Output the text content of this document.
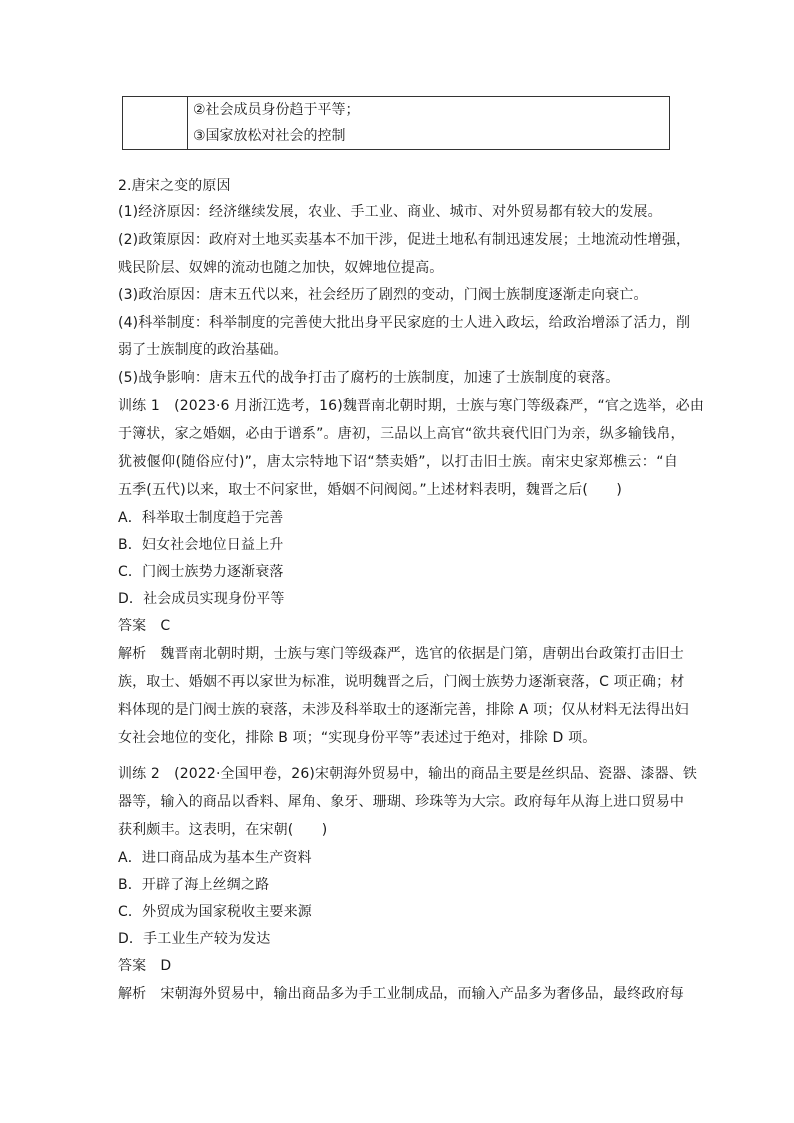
②社会成员身份趋于平等；
③国家放松对社会的控制
2.唐宋之变的原因
(1)经济原因：经济继续发展，农业、手工业、商业、城市、对外贸易都有较大的发展。
(2)政策原因：政府对土地买卖基本不加干涉，促进土地私有制迅速发展；土地流动性增强，
贱民阶层、奴婢的流动也随之加快，奴婢地位提高。
(3)政治原因：唐末五代以来，社会经历了剧烈的变动，门阀士族制度逐渐走向衰亡。
(4)科举制度：科举制度的完善使大批出身平民家庭的士人进入政坛，给政治增添了活力，削
弱了士族制度的政治基础。
(5)战争影响：唐末五代的战争打击了腐朽的士族制度，加速了士族制度的衰落。
训练 1　(2023·6 月浙江选考，16)魏晋南北朝时期，士族与寒门等级森严，“官之选举，必由
于簿状，家之婚姻，必由于谱系”。唐初，三品以上高官“欲共衰代旧门为亲，纵多输钱帛，
犹被偃仰(随俗应付)”，唐太宗特地下诏“禁卖婚”，以打击旧士族。南宋史家郑樵云：“自
五季(五代)以来，取士不问家世，婚姻不问阀阅。”上述材料表明，魏晋之后(　　)
A．科举取士制度趋于完善
B．妇女社会地位日益上升
C．门阀士族势力逐渐衰落
D．社会成员实现身份平等
答案 C
解析 魏晋南北朝时期，士族与寒门等级森严，选官的依据是门第，唐朝出台政策打击旧士
族，取士、婚姻不再以家世为标准，说明魏晋之后，门阀士族势力逐渐衰落，C 项正确；材
料体现的是门阀士族的衰落，未涉及科举取士的逐渐完善，排除 A 项；仅从材料无法得出妇
女社会地位的变化，排除 B 项；“实现身份平等”表述过于绝对，排除 D 项。
训练 2　(2022·全国甲卷，26)宋朝海外贸易中，输出的商品主要是丝织品、瓷器、漆器、铁
器等，输入的商品以香料、犀角、象牙、珊瑚、珍珠等为大宗。政府每年从海上进口贸易中
获利颇丰。这表明，在宋朝(　　)
A．进口商品成为基本生产资料
B．开辟了海上丝绸之路
C．外贸成为国家税收主要来源
D．手工业生产较为发达
答案 D
解析 宋朝海外贸易中，输出商品多为手工业制成品，而输入产品多为奢侈品，最终政府每
